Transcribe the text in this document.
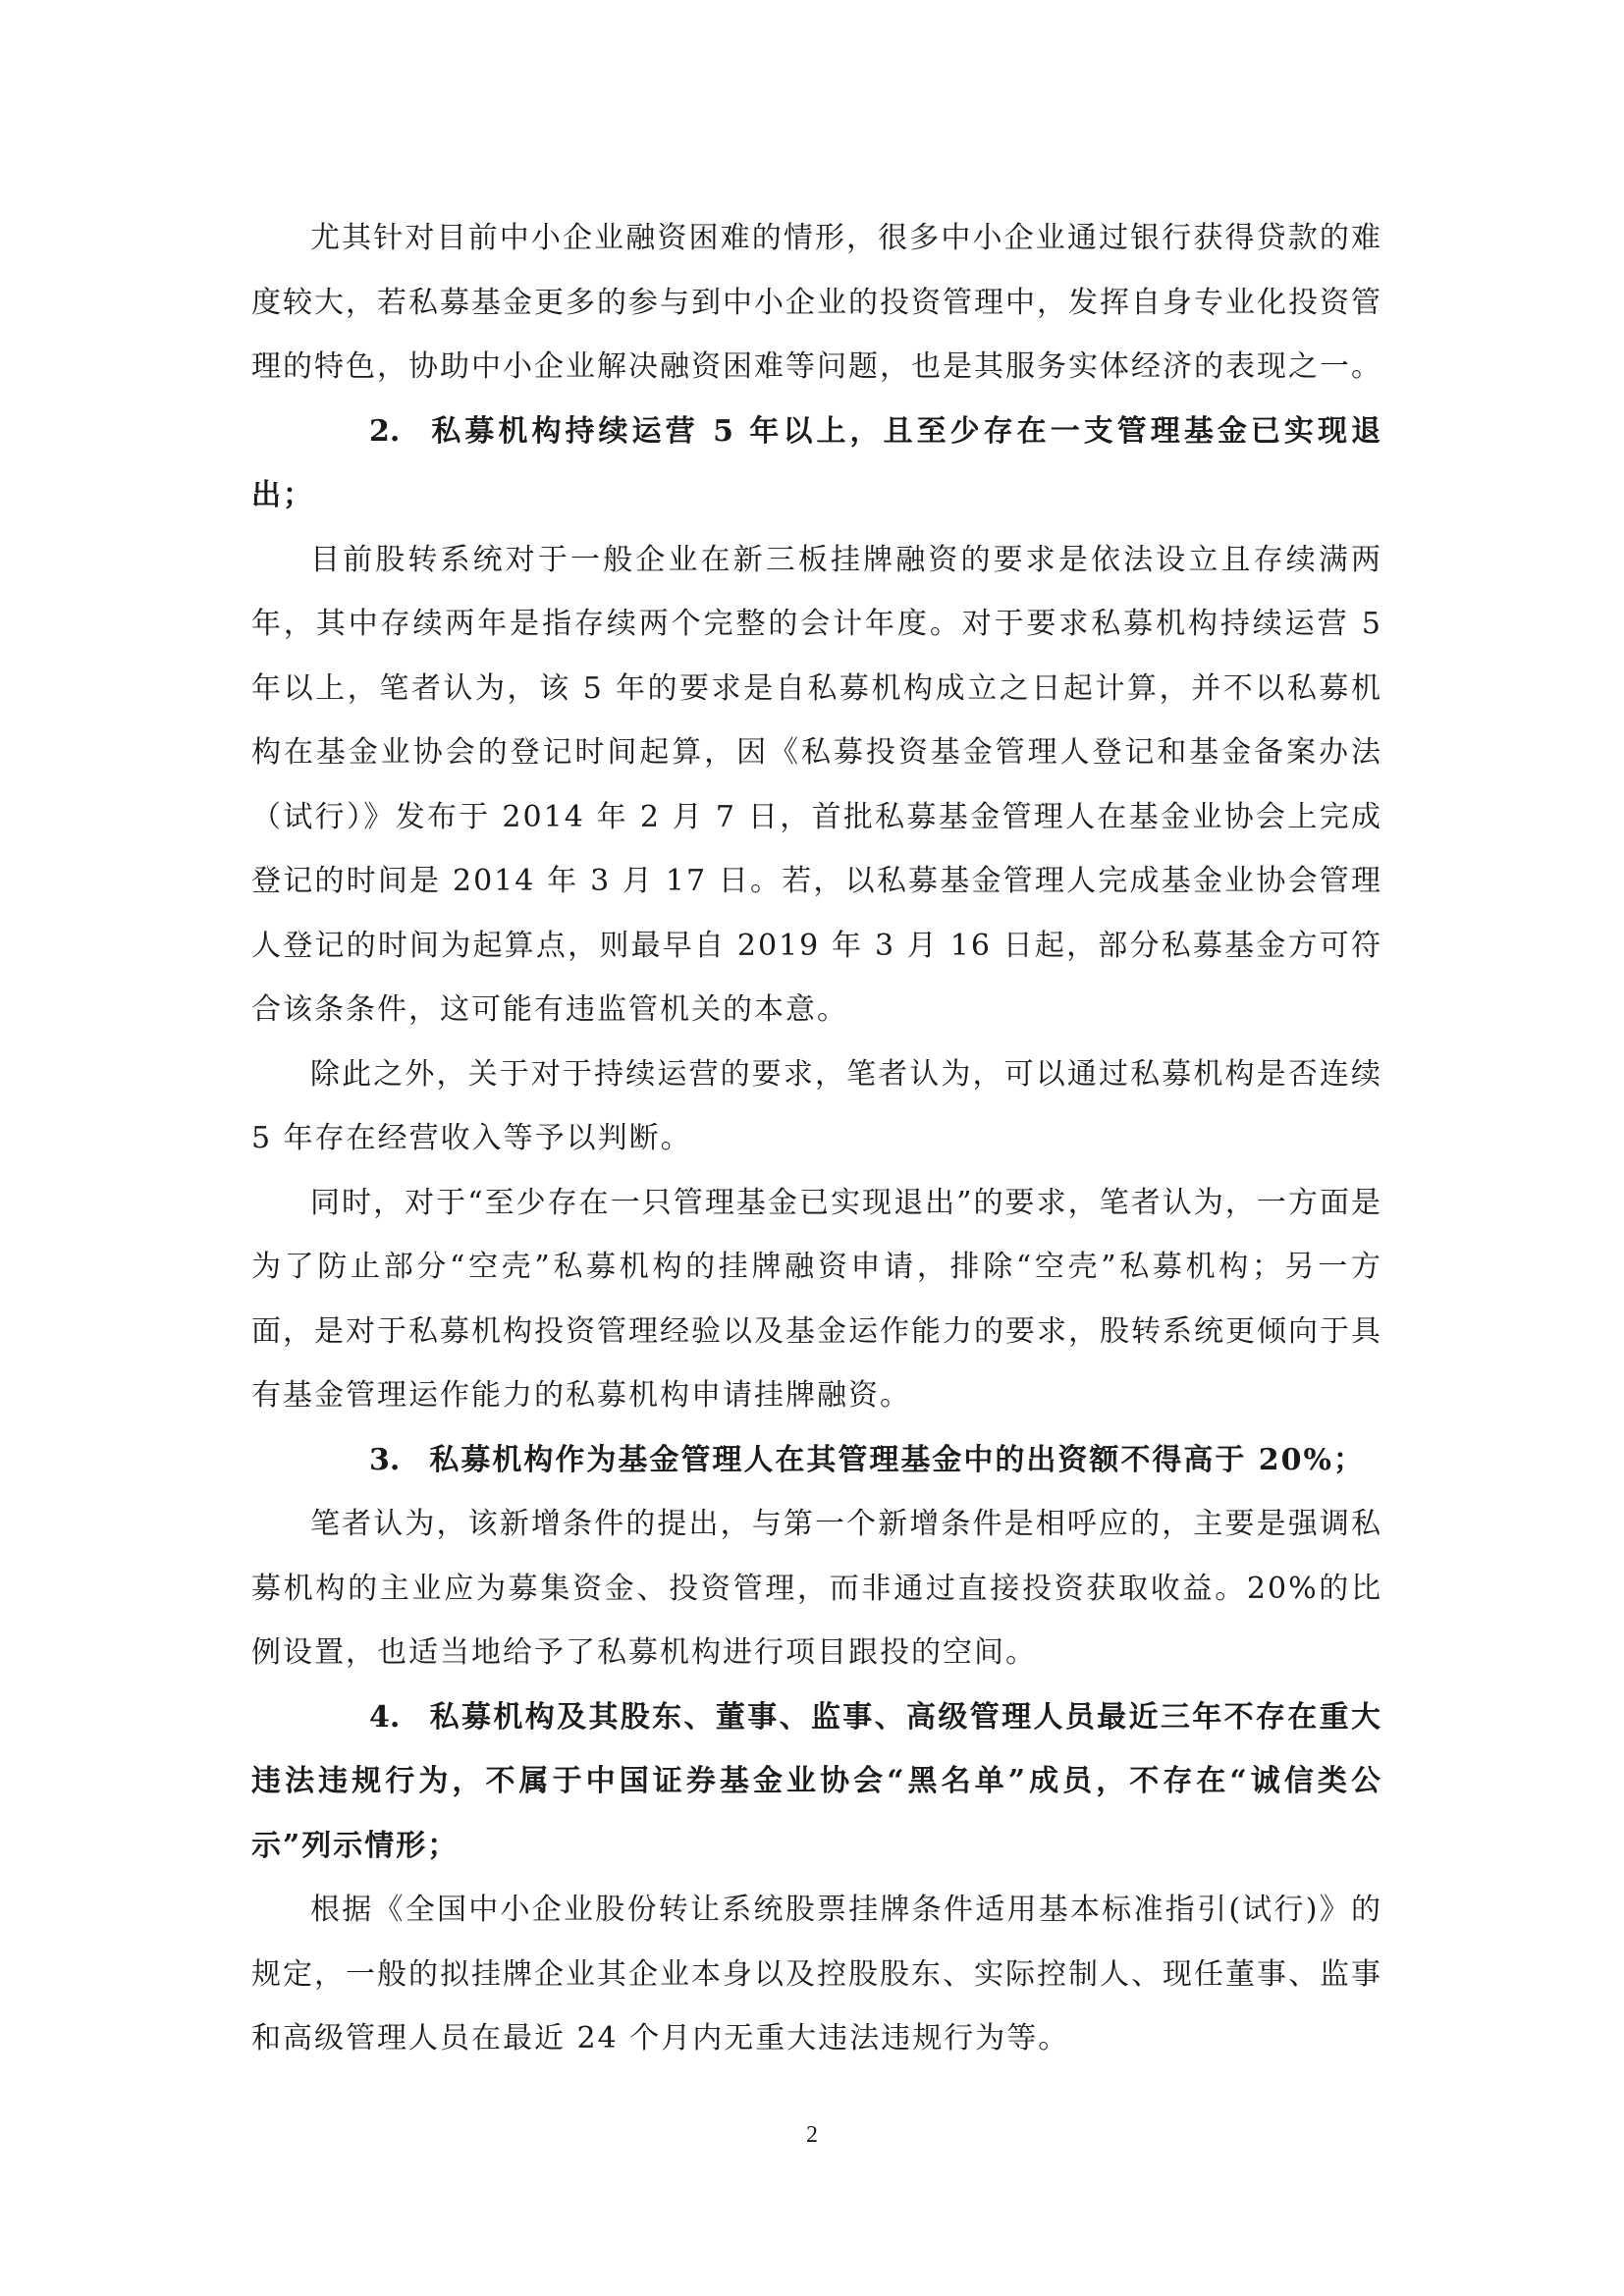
尤其针对目前中小企业融资困难的情形，很多中小企业通过银行获得贷款的难度较大，若私募基金更多的参与到中小企业的投资管理中，发挥自身专业化投资管理的特色，协助中小企业解决融资困难等问题，也是其服务实体经济的表现之一。

2. 私募机构持续运营 5 年以上，且至少存在一支管理基金已实现退出；

目前股转系统对于一般企业在新三板挂牌融资的要求是依法设立且存续满两年，其中存续两年是指存续两个完整的会计年度。对于要求私募机构持续运营 5 年以上，笔者认为，该 5 年的要求是自私募机构成立之日起计算，并不以私募机构在基金业协会的登记时间起算，因《私募投资基金管理人登记和基金备案办法（试行）》发布于 2014 年 2 月 7 日，首批私募基金管理人在基金业协会上完成登记的时间是 2014 年 3 月 17 日。若，以私募基金管理人完成基金业协会管理人登记的时间为起算点，则最早自 2019 年 3 月 16 日起，部分私募基金方可符合该条条件，这可能有违监管机关的本意。

除此之外，关于对于持续运营的要求，笔者认为，可以通过私募机构是否连续 5 年存在经营收入等予以判断。

同时，对于“至少存在一只管理基金已实现退出”的要求，笔者认为，一方面是为了防止部分“空壳”私募机构的挂牌融资申请，排除“空壳”私募机构；另一方面，是对于私募机构投资管理经验以及基金运作能力的要求，股转系统更倾向于具有基金管理运作能力的私募机构申请挂牌融资。

3. 私募机构作为基金管理人在其管理基金中的出资额不得高于 20%；

笔者认为，该新增条件的提出，与第一个新增条件是相呼应的，主要是强调私募机构的主业应为募集资金、投资管理，而非通过直接投资获取收益。20%的比例设置，也适当地给予了私募机构进行项目跟投的空间。

4. 私募机构及其股东、董事、监事、高级管理人员最近三年不存在重大违法违规行为，不属于中国证券基金业协会“黑名单”成员，不存在“诚信类公示”列示情形；

根据《全国中小企业股份转让系统股票挂牌条件适用基本标准指引(试行)》的规定，一般的拟挂牌企业其企业本身以及控股股东、实际控制人、现任董事、监事和高级管理人员在最近 24 个月内无重大违法违规行为等。

2
